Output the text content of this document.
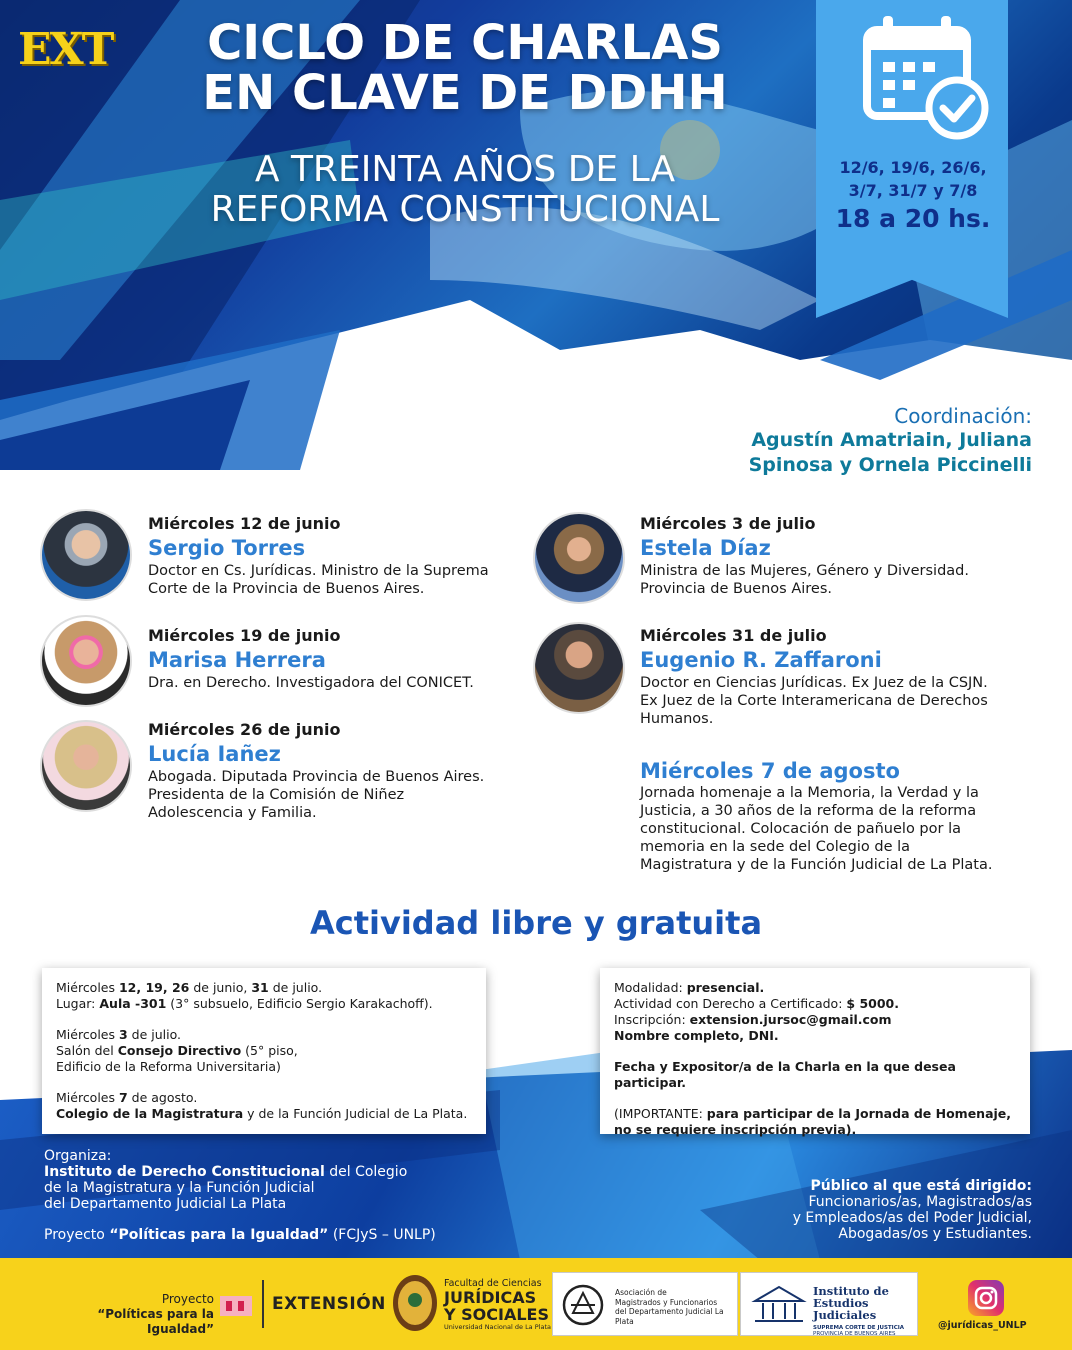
EXT	CICLO DE CHARLAS
EN CLAVE DE DDHH
A TREINTA AÑOS DE LA
REFORMA CONSTITUCIONAL
12/6, 19/6, 26/6,
3/7, 31/7 y 7/8
18 a 20 hs.
Coordinación:
Agustín Amatriain, Juliana
Spinosa y Ornela Piccinelli
Miércoles 12 de junio
Sergio Torres
Doctor en Cs. Jurídicas. Ministro de la Suprema
Corte de la Provincia de Buenos Aires.
Miércoles 19 de junio
Marisa Herrera
Dra. en Derecho. Investigadora del CONICET.
Miércoles 26 de junio
Lucía Iañez
Abogada. Diputada Provincia de Buenos Aires.
Presidenta de la Comisión de Niñez
Adolescencia y Familia.
Miércoles 3 de julio
Estela Díaz
Ministra de las Mujeres, Género y Diversidad.
Provincia de Buenos Aires.
Miércoles 31 de julio
Eugenio R. Zaffaroni
Doctor en Ciencias Jurídicas. Ex Juez de la CSJN.
Ex Juez de la Corte Interamericana de Derechos
Humanos.
Miércoles 7 de agosto
Jornada homenaje a la Memoria, la Verdad y la
Justicia, a 30 años de la reforma de la reforma
constitucional. Colocación de pañuelo por la
memoria en la sede del Colegio de la
Magistratura y de la Función Judicial de La Plata.
Actividad libre y gratuita

Miércoles 12, 19, 26 de junio, 31 de julio.
Lugar: Aula -301 (3° subsuelo, Edificio Sergio Karakachoff).

Miércoles 3 de julio.
Salón del Consejo Directivo (5° piso,
Edificio de la Reforma Universitaria)

Miércoles 7 de agosto.
Colegio de la Magistratura y de la Función Judicial de La Plata.

Modalidad: presencial.

Actividad con Derecho a Certificado: $ 5000.

Inscripción: extension.jursoc@gmail.com

Nombre completo, DNI.

Fecha y Expositor/a de la Charla en la que desea participar.

(IMPORTANTE: para participar de la Jornada de Homenaje,
no se requiere inscripción previa).

Organiza:
Instituto de Derecho Constitucional del Colegio
de la Magistratura y la Función Judicial
del Departamento Judicial La Plata
Proyecto “Políticas para la Igualdad” (FCJyS – UNLP)
Público al que está dirigido:
Funcionarios/as, Magistrados/as
y Empleados/as del Poder Judicial,
Abogadas/os y Estudiantes.
Proyecto
“Políticas para la Igualdad”
EXTENSIÓN
Facultad de Ciencias
JURÍDICAS
Y SOCIALES
Universidad Nacional de La Plata
Asociación de
Magistrados y Funcionarios
del Departamento Judicial La Plata
Instituto de
Estudios Judiciales
SUPREMA CORTE DE JUSTICIA
PROVINCIA DE BUENOS AIRES
@jurídicas_UNLP
